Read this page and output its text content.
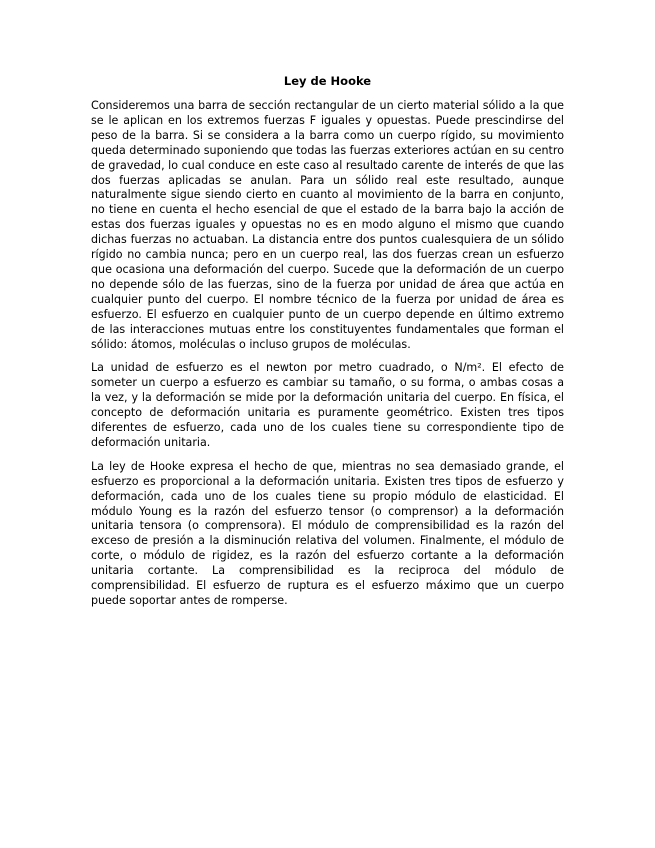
Ley de Hooke

Consideremos una barra de sección rectangular de un cierto material sólido a la que se le aplican en los extremos fuerzas F iguales y opuestas. Puede prescindirse del peso de la barra. Si se considera a la barra como un cuerpo rígido, su movimiento queda determinado suponiendo que todas las fuerzas exteriores actúan en su centro de gravedad, lo cual conduce en este caso al resultado carente de interés de que las dos fuerzas aplicadas se anulan. Para un sólido real este resultado, aunque naturalmente sigue siendo cierto en cuanto al movimiento de la barra en conjunto, no tiene en cuenta el hecho esencial de que el estado de la barra bajo la acción de estas dos fuerzas iguales y opuestas no es en modo alguno el mismo que cuando dichas fuerzas no actuaban. La distancia entre dos puntos cualesquiera de un sólido rígido no cambia nunca; pero en un cuerpo real, las dos fuerzas crean un esfuerzo que ocasiona una deformación del cuerpo. Sucede que la deformación de un cuerpo no depende sólo de las fuerzas, sino de la fuerza por unidad de área que actúa en cualquier punto del cuerpo. El nombre técnico de la fuerza por unidad de área es esfuerzo. El esfuerzo en cualquier punto de un cuerpo depende en último extremo de las interacciones mutuas entre los constituyentes fundamentales que forman el sólido: átomos, moléculas o incluso grupos de moléculas.

La unidad de esfuerzo es el newton por metro cuadrado, o N/m². El efecto de someter un cuerpo a esfuerzo es cambiar su tamaño, o su forma, o ambas cosas a la vez, y la deformación se mide por la deformación unitaria del cuerpo. En física, el concepto de deformación unitaria es puramente geométrico. Existen tres tipos diferentes de esfuerzo, cada uno de los cuales tiene su correspondiente tipo de deformación unitaria.

La ley de Hooke expresa el hecho de que, mientras no sea demasiado grande, el esfuerzo es proporcional a la deformación unitaria. Existen tres tipos de esfuerzo y deformación, cada uno de los cuales tiene su propio módulo de elasticidad. El módulo Young es la razón del esfuerzo tensor (o comprensor) a la deformación unitaria tensora (o comprensora). El módulo de comprensibilidad es la razón del exceso de presión a la disminución relativa del volumen. Finalmente, el módulo de corte, o módulo de rigidez, es la razón del esfuerzo cortante a la deformación unitaria cortante. La comprensibilidad es la reciproca del módulo de comprensibilidad. El esfuerzo de ruptura es el esfuerzo máximo que un cuerpo puede soportar antes de romperse.
